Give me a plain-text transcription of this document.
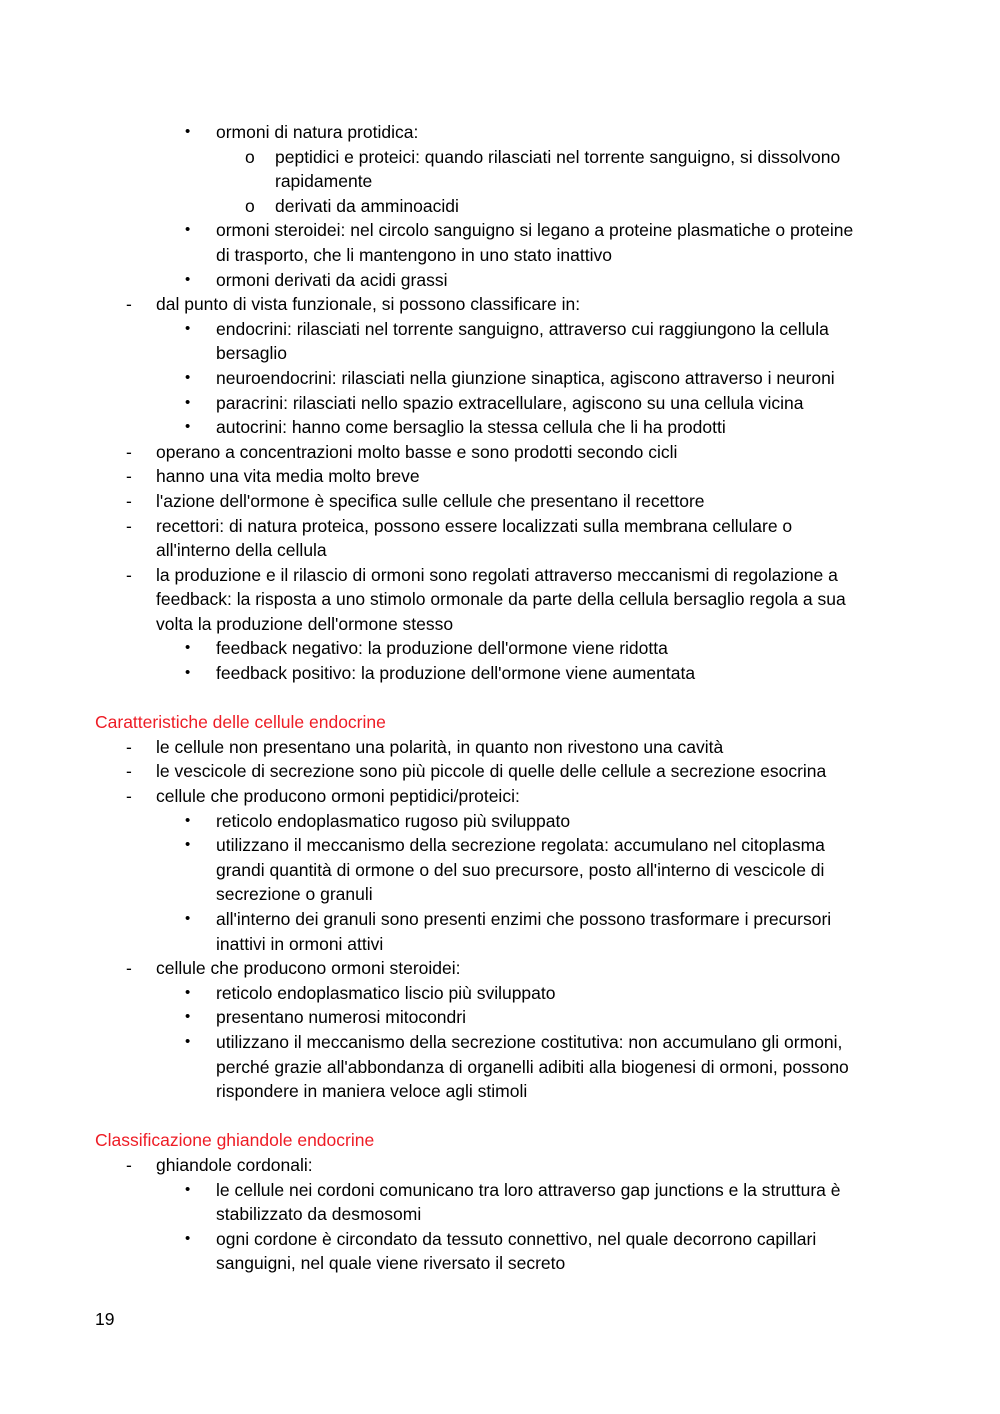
• ormoni di natura protidica:
o peptidici e proteici: quando rilasciati nel torrente sanguigno, si dissolvono
rapidamente
o derivati da amminoacidi
• ormoni steroidei: nel circolo sanguigno si legano a proteine plasmatiche o proteine
di trasporto, che li mantengono in uno stato inattivo
• ormoni derivati da acidi grassi
- dal punto di vista funzionale, si possono classificare in:
• endocrini: rilasciati nel torrente sanguigno, attraverso cui raggiungono la cellula
bersaglio
• neuroendocrini: rilasciati nella giunzione sinaptica, agiscono attraverso i neuroni
• paracrini: rilasciati nello spazio extracellulare, agiscono su una cellula vicina
• autocrini: hanno come bersaglio la stessa cellula che li ha prodotti
- operano a concentrazioni molto basse e sono prodotti secondo cicli
- hanno una vita media molto breve
- l'azione dell'ormone è specifica sulle cellule che presentano il recettore
- recettori: di natura proteica, possono essere localizzati sulla membrana cellulare o
all'interno della cellula
- la produzione e il rilascio di ormoni sono regolati attraverso meccanismi di regolazione a
feedback: la risposta a uno stimolo ormonale da parte della cellula bersaglio regola a sua
volta la produzione dell'ormone stesso
• feedback negativo: la produzione dell'ormone viene ridotta
• feedback positivo: la produzione dell'ormone viene aumentata
Caratteristiche delle cellule endocrine
- le cellule non presentano una polarità, in quanto non rivestono una cavità
- le vescicole di secrezione sono più piccole di quelle delle cellule a secrezione esocrina
- cellule che producono ormoni peptidici/proteici:
• reticolo endoplasmatico rugoso più sviluppato
• utilizzano il meccanismo della secrezione regolata: accumulano nel citoplasma
grandi quantità di ormone o del suo precursore, posto all'interno di vescicole di
secrezione o granuli
• all'interno dei granuli sono presenti enzimi che possono trasformare i precursori
inattivi in ormoni attivi
- cellule che producono ormoni steroidei:
• reticolo endoplasmatico liscio più sviluppato
• presentano numerosi mitocondri
• utilizzano il meccanismo della secrezione costitutiva: non accumulano gli ormoni,
perché grazie all'abbondanza di organelli adibiti alla biogenesi di ormoni, possono
rispondere in maniera veloce agli stimoli
Classificazione ghiandole endocrine
- ghiandole cordonali:
• le cellule nei cordoni comunicano tra loro attraverso gap junctions e la struttura è
stabilizzato da desmosomi
• ogni cordone è circondato da tessuto connettivo, nel quale decorrono capillari
sanguigni, nel quale viene riversato il secreto
19
